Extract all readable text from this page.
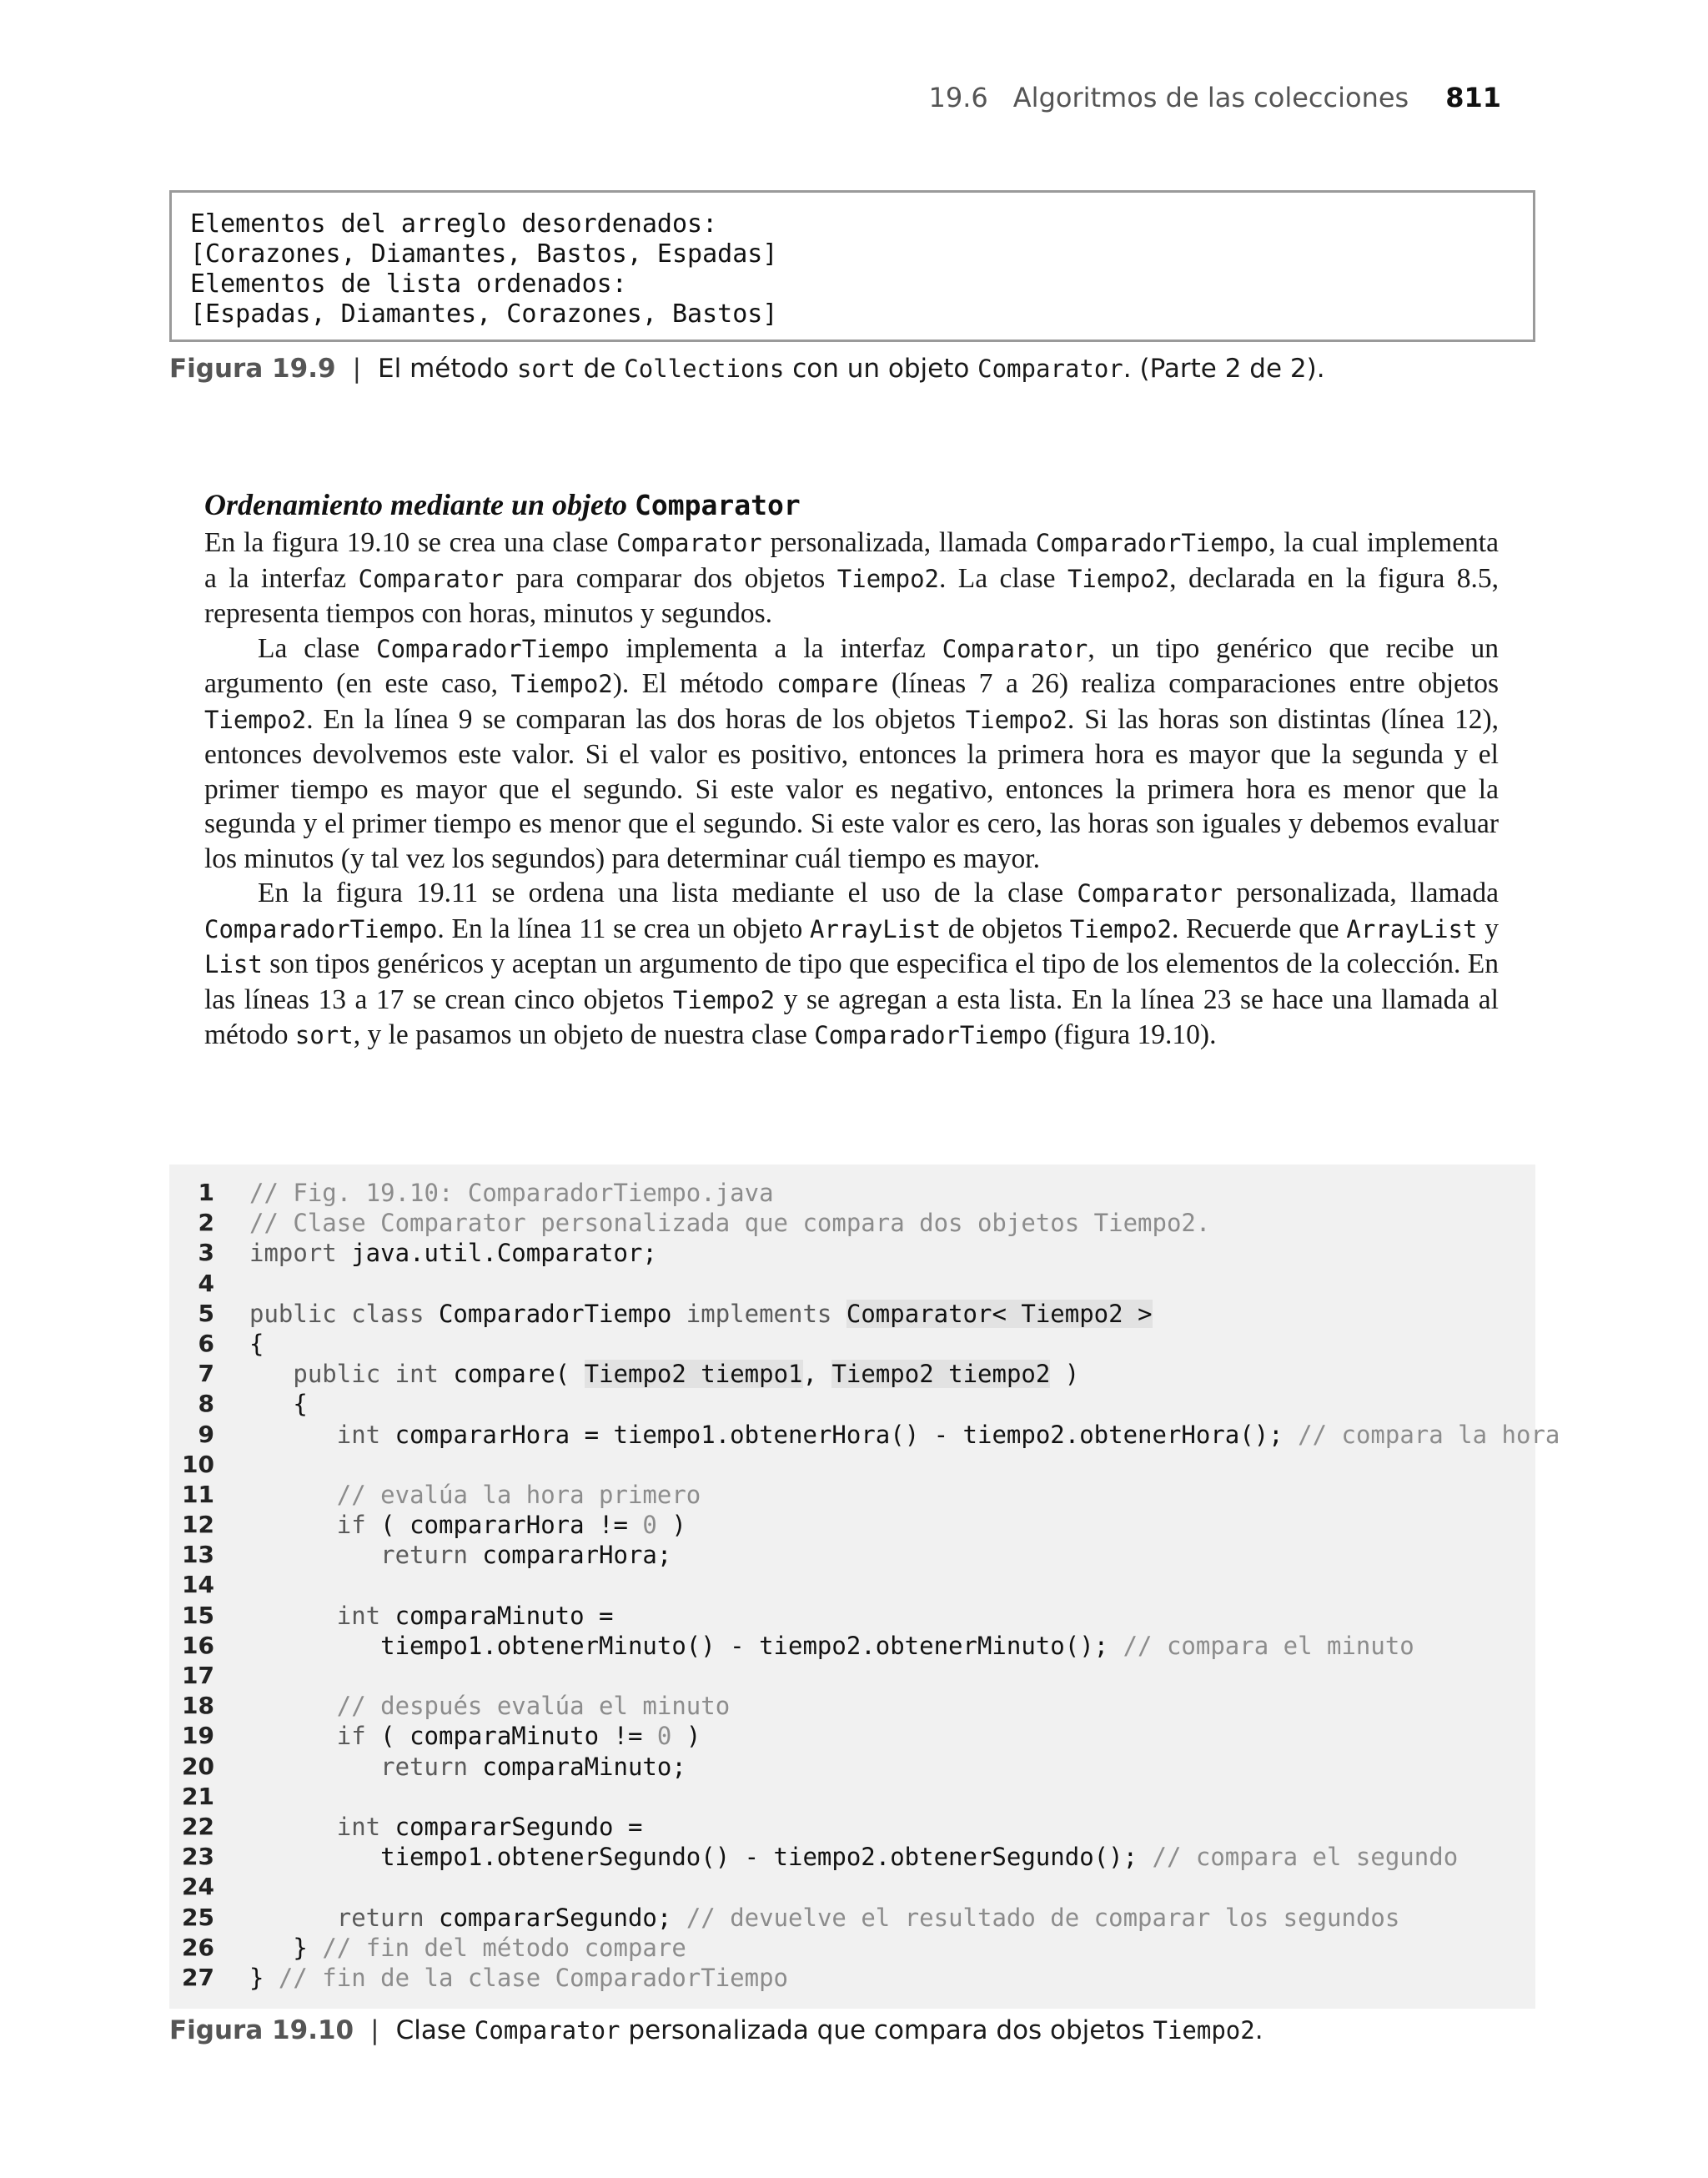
19.6 Algoritmos de las colecciones 811
Elementos del arreglo desordenados:
[Corazones, Diamantes, Bastos, Espadas]
Elementos de lista ordenados:
[Espadas, Diamantes, Corazones, Bastos]
Figura 19.9 | El método sort de Collections con un objeto Comparator. (Parte 2 de 2).
Ordenamiento mediante un objeto Comparator

En la figura 19.10 se crea una clase Comparator personalizada, llamada ComparadorTiempo, la cual implementa a la interfaz Comparator para comparar dos objetos Tiempo2. La clase Tiempo2, declarada en la figura 8.5, representa tiempos con horas, minutos y segundos.

La clase ComparadorTiempo implementa a la interfaz Comparator, un tipo genérico que recibe un argumento (en este caso, Tiempo2). El método compare (líneas 7 a 26) realiza comparaciones entre objetos Tiempo2. En la línea 9 se comparan las dos horas de los objetos Tiempo2. Si las horas son distintas (línea 12), entonces devolvemos este valor. Si el valor es positivo, entonces la primera hora es mayor que la segunda y el primer tiempo es mayor que el segundo. Si este valor es negativo, entonces la primera hora es menor que la segunda y el primer tiempo es menor que el segundo. Si este valor es cero, las horas son iguales y debemos evaluar los minutos (y tal vez los segundos) para determinar cuál tiempo es mayor.

En la figura 19.11 se ordena una lista mediante el uso de la clase Comparator personalizada, llamada ComparadorTiempo. En la línea 11 se crea un objeto ArrayList de objetos Tiempo2. Recuerde que ArrayList y List son tipos genéricos y aceptan un argumento de tipo que especifica el tipo de los elementos de la colección. En las líneas 13 a 17 se crean cinco objetos Tiempo2 y se agregan a esta lista. En la línea 23 se hace una llamada al método sort, y le pasamos un objeto de nuestra clase ComparadorTiempo (figura 19.10).

1 // Fig. 19.10: ComparadorTiempo.java
2 // Clase Comparator personalizada que compara dos objetos Tiempo2.
3 import java.util.Comparator;
4
5 public class ComparadorTiempo implements Comparator< Tiempo2 >
6 {
7	public int compare( Tiempo2 tiempo1, Tiempo2 tiempo2 )
8 {
9	int compararHora = tiempo1.obtenerHora() - tiempo2.obtenerHora(); // compara la hora
10
11	// evalúa la hora primero
12	if ( compararHora != 0 )
13	return compararHora;
14
15	int comparaMinuto =
16 tiempo1.obtenerMinuto() - tiempo2.obtenerMinuto(); // compara el minuto
17
18	// después evalúa el minuto
19	if ( comparaMinuto != 0 )
20	return comparaMinuto;
21
22	int compararSegundo =
23 tiempo1.obtenerSegundo() - tiempo2.obtenerSegundo(); // compara el segundo
24
25	return compararSegundo; // devuelve el resultado de comparar los segundos
26 } // fin del método compare
27 } // fin de la clase ComparadorTiempo
Figura 19.10 | Clase Comparator personalizada que compara dos objetos Tiempo2.
